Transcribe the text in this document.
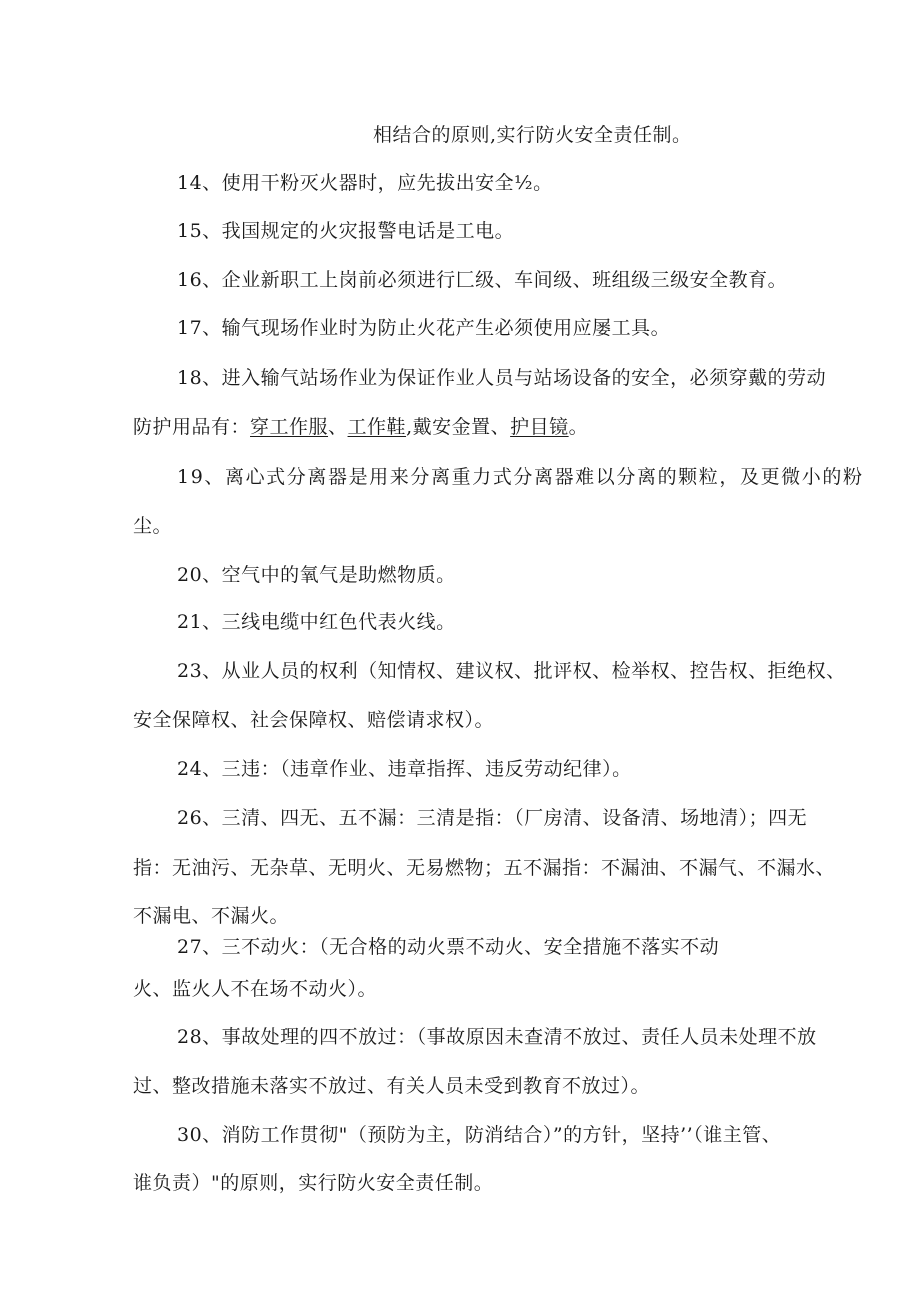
相结合的原则,实行防火安全责任制。
14、使用干粉灭火器时，应先拔出安全½。
15、我国规定的火灾报警电话是工电。
16、企业新职工上岗前必须进行匚级、车间级、班组级三级安全教育。
17、输气现场作业时为防止火花产生必须使用应屡工具。
18、进入输气站场作业为保证作业人员与站场设备的安全，必须穿戴的劳动
防护用品有：穿工作服、工作鞋,戴安金置、护目镜。
19、离心式分离器是用来分离重力式分离器难以分离的颗粒，及更微小的粉
尘。
20、空气中的氧气是助燃物质。
21、三线电缆中红色代表火线。
23、从业人员的权利（知情权、建议权、批评权、检举权、控告权、拒绝权、
安全保障权、社会保障权、赔偿请求权）。
24、三违：（违章作业、违章指挥、违反劳动纪律）。
26、三清、四无、五不漏：三清是指：（厂房清、设备清、场地清）；四无
指：无油污、无杂草、无明火、无易燃物；五不漏指：不漏油、不漏气、不漏水、
不漏电、不漏火。
27、三不动火：（无合格的动火票不动火、安全措施不落实不动
火、监火人不在场不动火）。
28、事故处理的四不放过：（事故原因未查清不放过、责任人员未处理不放
过、整改措施未落实不放过、有关人员未受到教育不放过）。
30、消防工作贯彻"（预防为主，防消结合）”的方针，坚持’’（谁主管、
谁负责）"的原则，实行防火安全责任制。
